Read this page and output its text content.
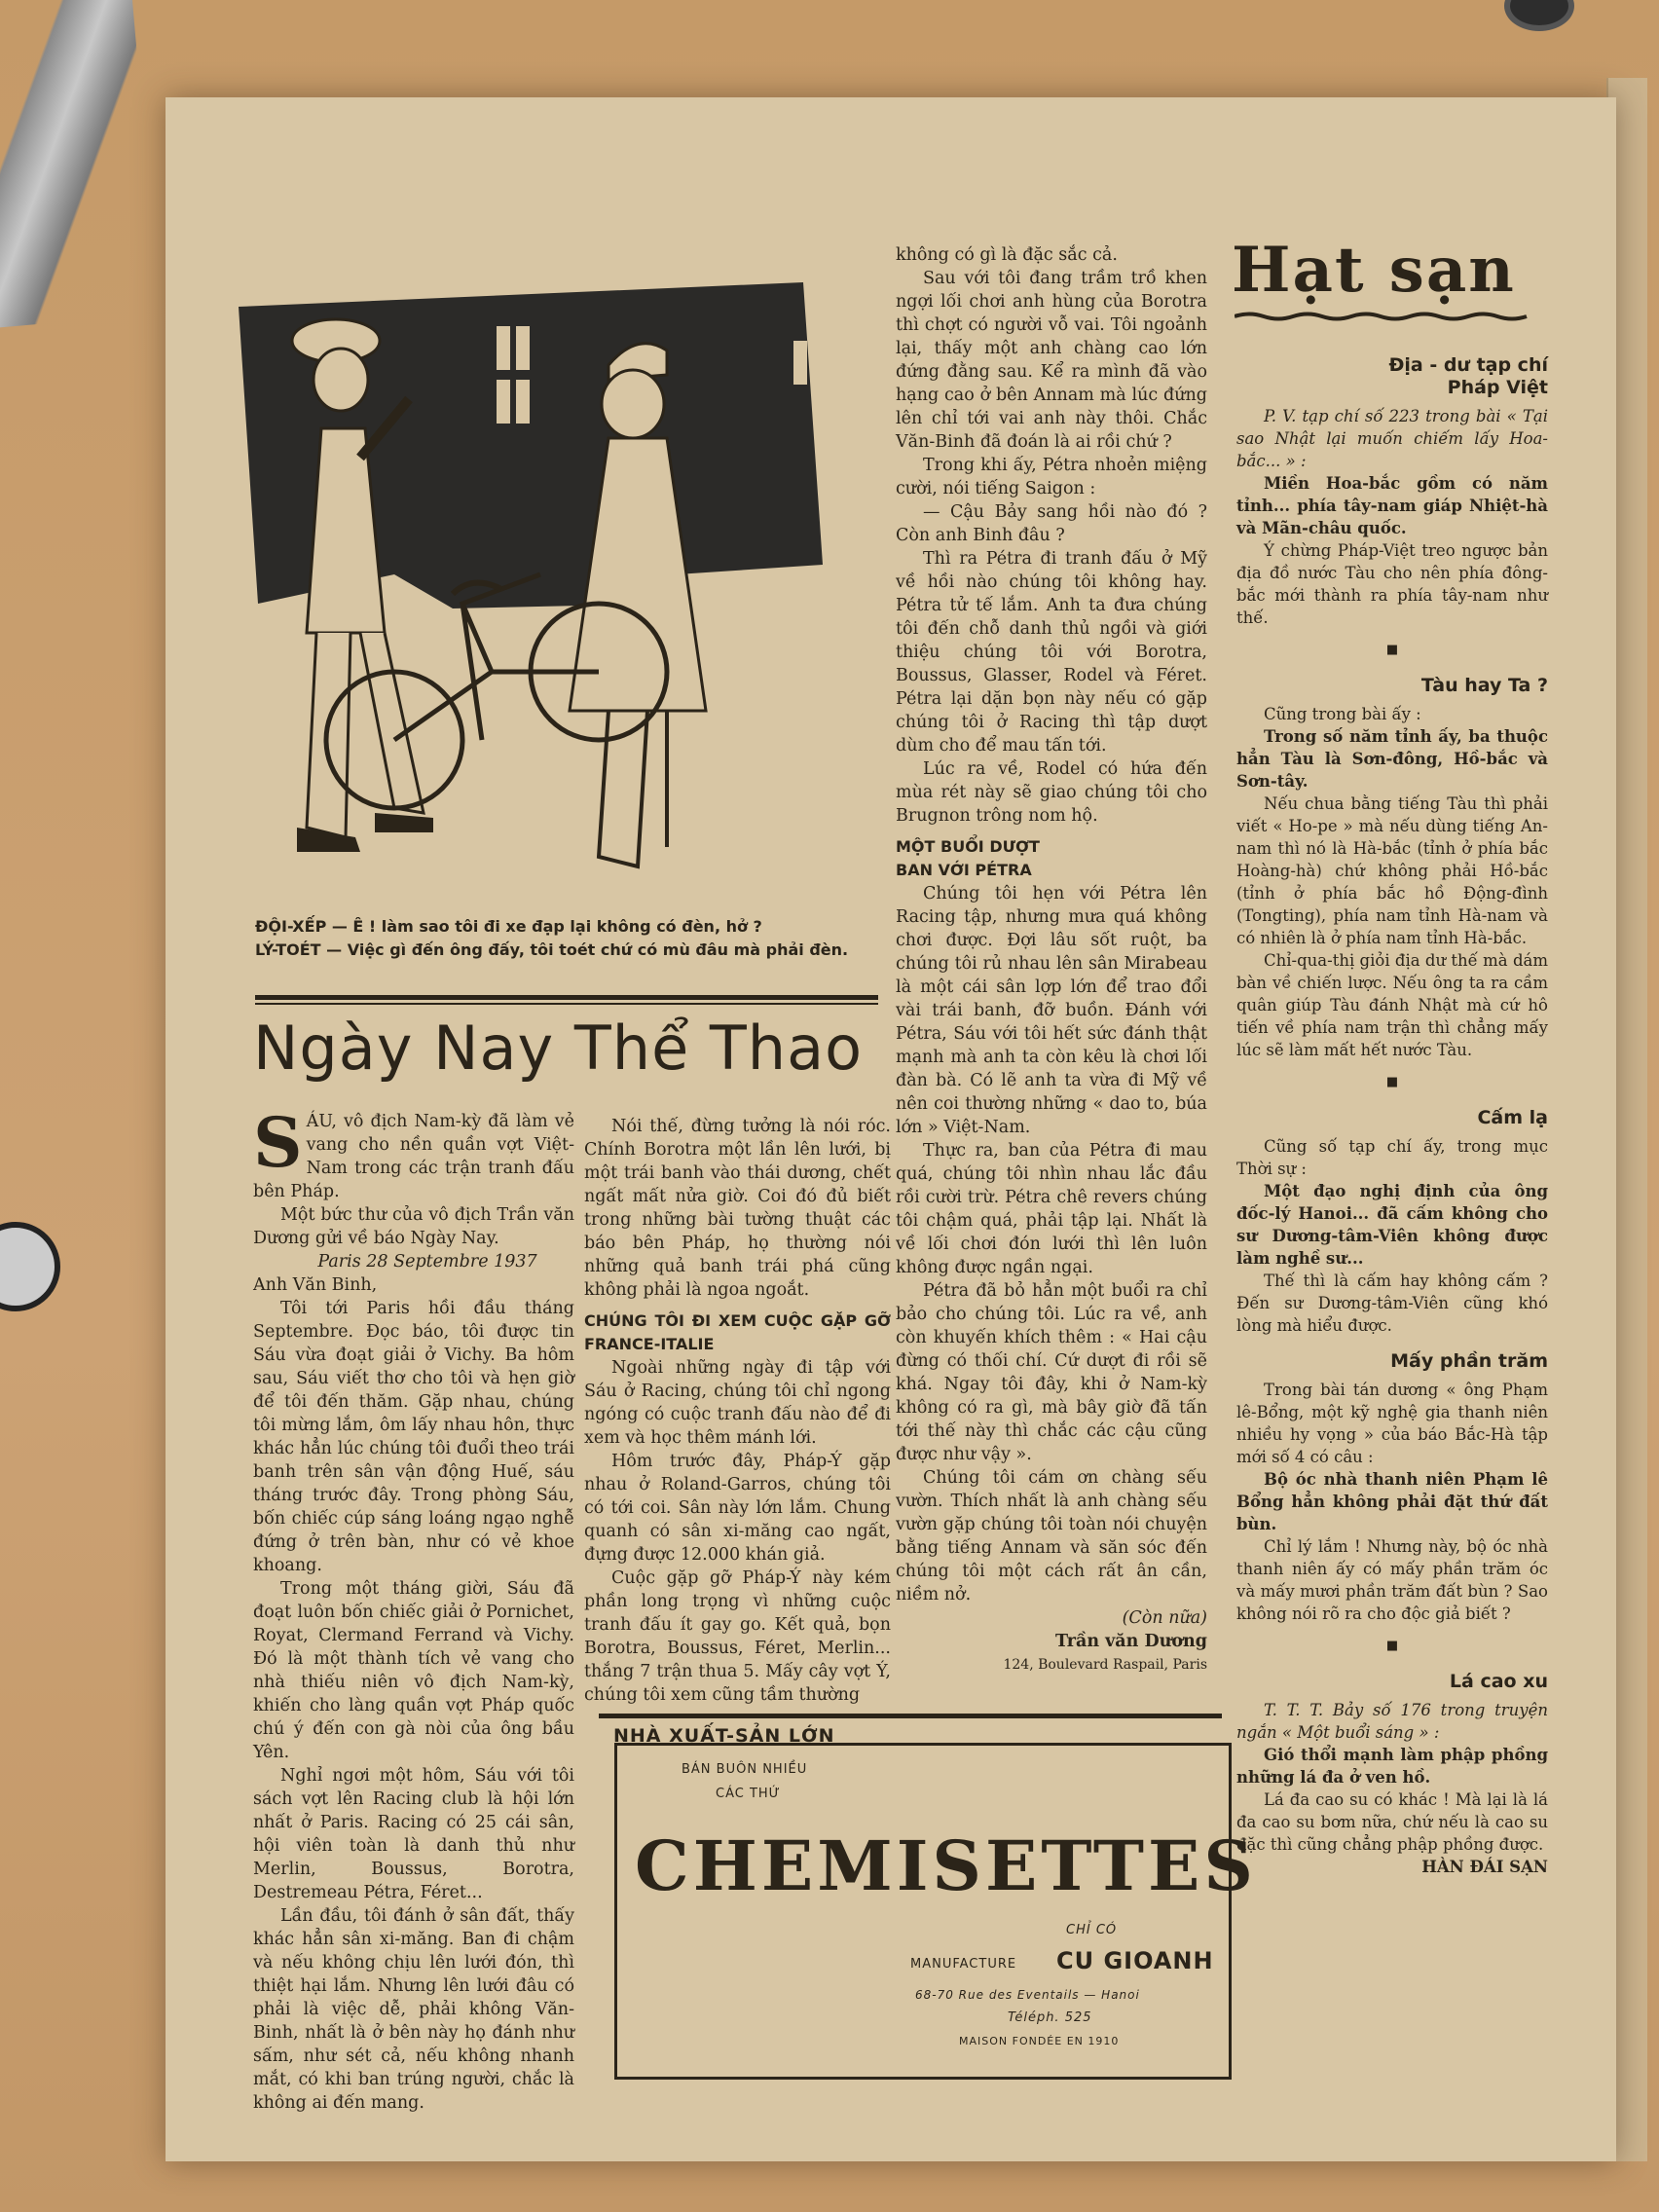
ĐỘI-XẾP — Ê ! làm sao tôi đi xe đạp lại không có đèn, hở ?
LÝ-TOÉT — Việc gì đến ông đấy, tôi toét chứ có mù đâu mà phải đèn.
Ngày Nay Thể Thao

SÁU, vô địch Nam-kỳ đã làm vẻ vang cho nền quần vợt Việt-Nam trong các trận tranh đấu bên Pháp.

Một bức thư của vô địch Trần văn Dương gửi về báo Ngày Nay.

Paris 28 Septembre 1937

Anh Văn Binh,

Tôi tới Paris hồi đầu tháng Septembre. Đọc báo, tôi được tin Sáu vừa đoạt giải ở Vichy. Ba hôm sau, Sáu viết thơ cho tôi và hẹn giờ để tôi đến thăm. Gặp nhau, chúng tôi mừng lắm, ôm lấy nhau hôn, thực khác hẳn lúc chúng tôi đuổi theo trái banh trên sân vận động Huế, sáu tháng trước đây. Trong phòng Sáu, bốn chiếc cúp sáng loáng ngạo nghễ đứng ở trên bàn, như có vẻ khoe khoang.

Trong một tháng giời, Sáu đã đoạt luôn bốn chiếc giải ở Pornichet, Royat, Clermand Ferrand và Vichy. Đó là một thành tích vẻ vang cho nhà thiếu niên vô địch Nam-kỳ, khiến cho làng quần vợt Pháp quốc chú ý đến con gà nòi của ông bầu Yên.

Nghỉ ngơi một hôm, Sáu với tôi sách vợt lên Racing club là hội lớn nhất ở Paris. Racing có 25 cái sân, hội viên toàn là danh thủ như Merlin, Boussus, Borotra, Destremeau Pétra, Féret...

Lần đầu, tôi đánh ở sân đất, thấy khác hẳn sân xi-măng. Ban đi chậm và nếu không chịu lên lưới đón, thì thiệt hại lắm. Nhưng lên lưới đâu có phải là việc dễ, phải không Văn-Binh, nhất là ở bên này họ đánh như sấm, như sét cả, nếu không nhanh mắt, có khi ban trúng người, chắc là không ai đến mang.

Nói thế, đừng tưởng là nói róc. Chính Borotra một lần lên lưới, bị một trái banh vào thái dương, chết ngất mất nửa giờ. Coi đó đủ biết trong những bài tường thuật các báo bên Pháp, họ thường nói những quả banh trái phá cũng không phải là ngoa ngoắt.

CHÚNG TÔI ĐI XEM CUỘC GẶP GỠ FRANCE-ITALIE

Ngoài những ngày đi tập với Sáu ở Racing, chúng tôi chỉ ngong ngóng có cuộc tranh đấu nào để đi xem và học thêm mánh lới.

Hôm trước đây, Pháp-Ý gặp nhau ở Roland-Garros, chúng tôi có tới coi. Sân này lớn lắm. Chung quanh có sân xi-măng cao ngất, đựng được 12.000 khán giả.

Cuộc gặp gỡ Pháp-Ý này kém phần long trọng vì những cuộc tranh đấu ít gay go. Kết quả, bọn Borotra, Boussus, Féret, Merlin... thắng 7 trận thua 5. Mấy cây vợt Ý, chúng tôi xem cũng tầm thường

không có gì là đặc sắc cả.

Sau với tôi đang trầm trồ khen ngợi lối chơi anh hùng của Borotra thì chợt có người vỗ vai. Tôi ngoảnh lại, thấy một anh chàng cao lớn đứng đằng sau. Kể ra mình đã vào hạng cao ở bên Annam mà lúc đứng lên chỉ tới vai anh này thôi. Chắc Văn-Binh đã đoán là ai rồi chứ ?

Trong khi ấy, Pétra nhoẻn miệng cười, nói tiếng Saigon :

— Cậu Bảy sang hồi nào đó ? Còn anh Binh đâu ?

Thì ra Pétra đi tranh đấu ở Mỹ về hồi nào chúng tôi không hay. Pétra tử tế lắm. Anh ta đưa chúng tôi đến chỗ danh thủ ngồi và giới thiệu chúng tôi với Borotra, Boussus, Glasser, Rodel và Féret. Pétra lại dặn bọn này nếu có gặp chúng tôi ở Racing thì tập dượt dùm cho để mau tấn tới.

Lúc ra về, Rodel có hứa đến mùa rét này sẽ giao chúng tôi cho Brugnon trông nom hộ.

MỘT BUỔI DƯỢT

BAN VỚI PÉTRA

Chúng tôi hẹn với Pétra lên Racing tập, nhưng mưa quá không chơi được. Đợi lâu sốt ruột, ba chúng tôi rủ nhau lên sân Mirabeau là một cái sân lợp lớn để trao đổi vài trái banh, đỡ buồn. Đánh với Pétra, Sáu với tôi hết sức đánh thật mạnh mà anh ta còn kêu là chơi lối đàn bà. Có lẽ anh ta vừa đi Mỹ về nên coi thường những « dao to, búa lớn » Việt-Nam.

Thực ra, ban của Pétra đi mau quá, chúng tôi nhìn nhau lắc đầu rồi cười trừ. Pétra chê revers chúng tôi chậm quá, phải tập lại. Nhất là về lối chơi đón lưới thì lên luôn không được ngần ngại.

Pétra đã bỏ hẳn một buổi ra chỉ bảo cho chúng tôi. Lúc ra về, anh còn khuyến khích thêm : « Hai cậu đừng có thối chí. Cứ dượt đi rồi sẽ khá. Ngay tôi đây, khi ở Nam-kỳ không có ra gì, mà bây giờ đã tấn tới thế này thì chắc các cậu cũng được như vậy ».

Chúng tôi cám ơn chàng sếu vườn. Thích nhất là anh chàng sếu vườn gặp chúng tôi toàn nói chuyện bằng tiếng Annam và săn sóc đến chúng tôi một cách rất ân cần, niềm nở.

(Còn nữa)

Trần văn Dương

124, Boulevard Raspail, Paris

NHÀ XUẤT-SẢN LỚN
BÁN BUÔN NHIỀU
CÁC THỨ
CHEMISETTES
CHỈ CÓ
MANUFACTURE CU GIOANH
68-70 Rue des Eventails — Hanoi
Téléph. 525
MAISON FONDÉE EN 1910
Hạt sạn
Địa - dư tạp chí Pháp Việt

P. V. tạp chí số 223 trong bài « Tại sao Nhật lại muốn chiếm lấy Hoa-bắc... » :

Miền Hoa-bắc gồm có năm tỉnh... phía tây-nam giáp Nhiệt-hà và Mãn-châu quốc.

Ý chừng Pháp-Việt treo ngược bản địa đồ nước Tàu cho nên phía đông-bắc mới thành ra phía tây-nam như thế.

■
Tàu hay Ta ?

Cũng trong bài ấy :

Trong số năm tỉnh ấy, ba thuộc hẳn Tàu là Sơn-đông, Hồ-bắc và Sơn-tây.

Nếu chua bằng tiếng Tàu thì phải viết « Ho-pe » mà nếu dùng tiếng An-nam thì nó là Hà-bắc (tỉnh ở phía bắc Hoàng-hà) chứ không phải Hồ-bắc (tỉnh ở phía bắc hồ Động-đình (Tongting), phía nam tỉnh Hà-nam và có nhiên là ở phía nam tỉnh Hà-bắc.

Chỉ-qua-thị giỏi địa dư thế mà dám bàn về chiến lược. Nếu ông ta ra cầm quân giúp Tàu đánh Nhật mà cứ hô tiến về phía nam trận thì chẳng mấy lúc sẽ làm mất hết nước Tàu.

■
Cấm lạ

Cũng số tạp chí ấy, trong mục Thời sự :

Một đạo nghị định của ông đốc-lý Hanoi... đã cấm không cho sư Dương-tâm-Viên không được làm nghề sư...

Thế thì là cấm hay không cấm ? Đến sư Dương-tâm-Viên cũng khó lòng mà hiểu được.

Mấy phần trăm

Trong bài tán dương « ông Phạm lê-Bổng, một kỹ nghệ gia thanh niên nhiều hy vọng » của báo Bắc-Hà tập mới số 4 có câu :

Bộ óc nhà thanh niên Phạm lê Bổng hẳn không phải đặt thứ đất bùn.

Chỉ lý lắm ! Nhưng này, bộ óc nhà thanh niên ấy có mấy phần trăm óc và mấy mươi phần trăm đất bùn ? Sao không nói rõ ra cho độc giả biết ?

■
Lá cao xu

T. T. T. Bảy số 176 trong truyện ngắn « Một buổi sáng » :

Gió thổi mạnh làm phập phồng những lá đa ở ven hồ.

Lá đa cao su có khác ! Mà lại là lá đa cao su bơm nữa, chứ nếu là cao su đặc thì cũng chẳng phập phồng được.

HÀN ĐÁI SẠN
